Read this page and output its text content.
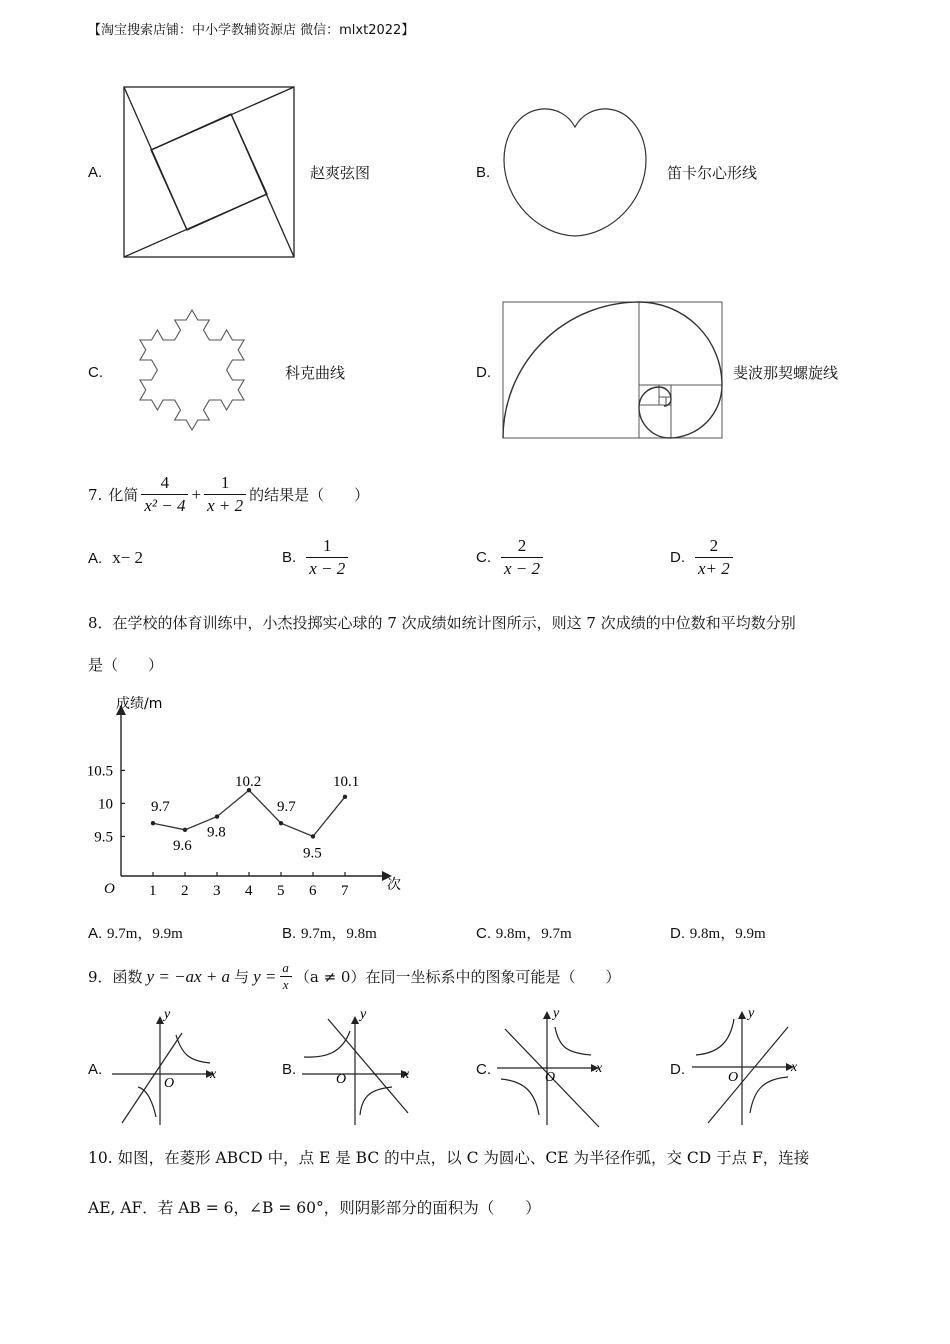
【淘宝搜索店铺：中小学教辅资源店 微信：mlxt2022】
A.	赵爽弦图	B.	笛卡尔心形线
C.	科克曲线	D.	斐波那契螺旋线
7. 化简 $\frac{4}{\text{x² − 4}} + \frac{1}{x + 2}$ 的结果是（　　）
A. x− 2	B. $\frac{1}{x - 2}$	C. $\frac{2}{x - 2}$	D. $\frac{2}{x+ 2}$
8．在学校的体育训练中，小杰投掷实心球的 7 次成绩如统计图所示，则这 7 次成绩的中位数和平均数分别
是（　　）
成绩/m
次
O 1 2 3 4 5 6 7
9.5
10
10.5
9.7
9.6
9.8
10.2
9.7
9.5
10.1
A. 9.7m，9.9m	B. 9.7m，9.8m	C. 9.8m，9.7m	D. 9.8m，9.9m
9．函数 y = −ax + a 与 $y = \frac{a}{x} (a \ne 0)$在同一坐标系中的图象可能是（　　）
A.
y
x
O
B.
y
x
O
C.
y
x
O	D.
y
x
O
10. 如图，在菱形 ABCD 中，点 E 是 BC 的中点，以 C 为圆心、CE 为半径作弧，交 CD 于点 F，连接
AE, AF．若 AB = 6，∠B = 60°，则阴影部分的面积为（　　）
